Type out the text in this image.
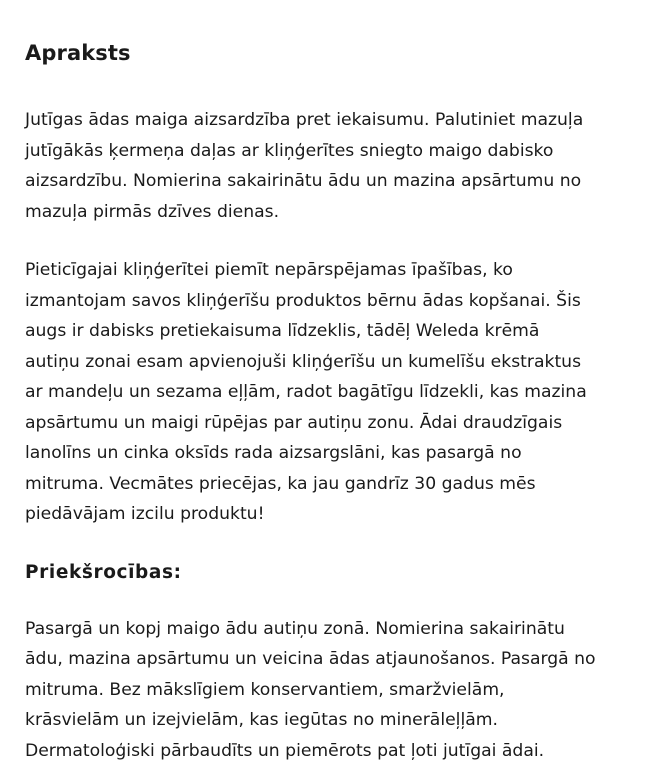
Apraksts
Jutīgas ādas maiga aizsardzība pret iekaisumu. Palutiniet mazuļa
jutīgākās ķermeņa daļas ar kliņģerītes sniegto maigo dabisko
aizsardzību. Nomierina sakairinātu ādu un mazina apsārtumu no
mazuļa pirmās dzīves dienas.
Pieticīgajai kliņģerītei piemīt nepārspējamas īpašības, ko
izmantojam savos kliņģerīšu produktos bērnu ādas kopšanai. Šis
augs ir dabisks pretiekaisuma līdzeklis, tādēļ Weleda krēmā
autiņu zonai esam apvienojuši kliņģerīšu un kumelīšu ekstraktus
ar mandeļu un sezama eļļām, radot bagātīgu līdzekli, kas mazina
apsārtumu un maigi rūpējas par autiņu zonu. Ādai draudzīgais
lanolīns un cinka oksīds rada aizsargslāni, kas pasargā no
mitruma. Vecmātes priecējas, ka jau gandrīz 30 gadus mēs
piedāvājam izcilu produktu!
Priekšrocības:
Pasargā un kopj maigo ādu autiņu zonā. Nomierina sakairinātu
ādu, mazina apsārtumu un veicina ādas atjaunošanos. Pasargā no
mitruma. Bez mākslīgiem konservantiem, smaržvielām,
krāsvielām un izejvielām, kas iegūtas no minerāleļļām.
Dermatoloģiski pārbaudīts un piemērots pat ļoti jutīgai ādai.
